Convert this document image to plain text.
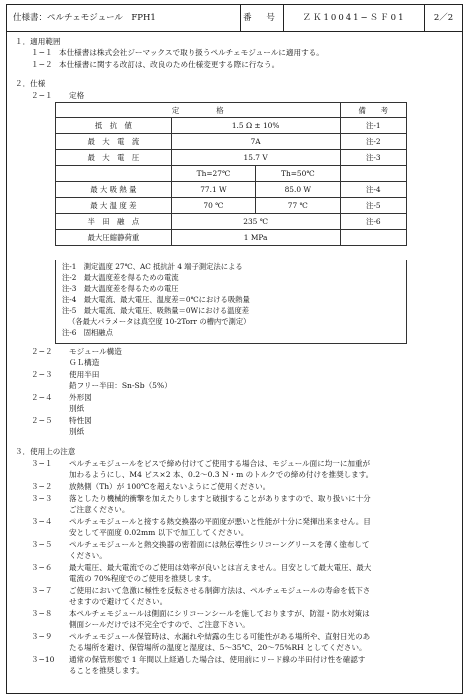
仕様書：ペルチェモジュール　FPH1	番 号	ＺＫ10041−ＳＦ01	2／2
１．適用範囲
１−１ 本仕様書は株式会社ジーマックスで取り扱うペルチェモジュールに適用する。
１−２ 本仕様書に関する改訂は、改良のため仕様変更する際に行なう。
２．仕様
２−１ 定格
定　　　　　格			備　　考
抵　抗　値	1.5 Ω ± 10%		注-1
最　大　電　流	7A		注-2
最　大　電　圧	15.7 V		注-3
	Th=27℃	Th=50℃	
最 大 吸 熱 量	77.1 W	85.0 W	注-4
最 大 温 度 差	70 ℃	77 ℃	注-5
半　田　融　点	235 ℃		注-6
最大圧縮静荷重	1 MPa		
注-1　測定温度 27℃、AC 抵抗計 4 端子測定法による
注-2　最大温度差を得るための電流
注-3　最大温度差を得るための電圧
注-4　最大電流、最大電圧、温度差＝0℃における吸熱量
注-5　最大電流、最大電圧、吸熱量＝0Wにおける温度差
（各最大パラメータは真空度 10-2Torr の槽内で測定）
注-6　固相融点
２−２ モジュール構造
ＧＬ構造
２−３ 使用半田
鉛フリー半田：Sn-Sb（5%）
２−４ 外形図
別紙
２−５ 特性図
別紙
３．使用上の注意
３−１ ペルチェモジュールをビスで締め付けてご使用する場合は、モジュール面に均一に加重が
加わるようにし、M4 ビス×2 本、0.2〜0.3 N・m のトルクでの締め付けを推奨します。
３−２ 放熱側（Th）が 100℃を超えないようにご使用ください。
３−３ 落としたり機械的衝撃を加えたりしますと破損することがありますので、取り扱いに十分
ご注意ください。
３−４ ペルチェモジュールと接する熱交換器の平面度が悪いと性能が十分に発揮出来ません。目
安として平面度 0.02mm 以下で加工してください。
３−５ ペルチェモジュールと熱交換器の密着面には熱伝導性シリコーングリースを薄く塗布して
ください。
３−６ 最大電圧、最大電流でのご使用は効率が良いとは言えません。目安として最大電圧、最大
電流の 70%程度でのご使用を推奨します。
３−７ ご使用において急激に極性を反転させる制御方法は、ペルチェモジュールの寿命を低下さ
せますので避けてください。
３−８ 本ペルチェモジュールは側面にシリコーンシールを施しておりますが、防湿・防水対策は
側面シールだけでは不完全ですので、ご注意下さい。
３−９ ペルチェモジュール保管時は、水漏れや結露の生じる可能性がある場所や、直射日光のあ
たる場所を避け、保管場所の温度と湿度は、5〜35℃、20〜75%RH としてください。
３−10 通常の保管形態で 1 年間以上経過した場合は、使用前にリード線の半田付け性を確認す
ることを推奨します。
